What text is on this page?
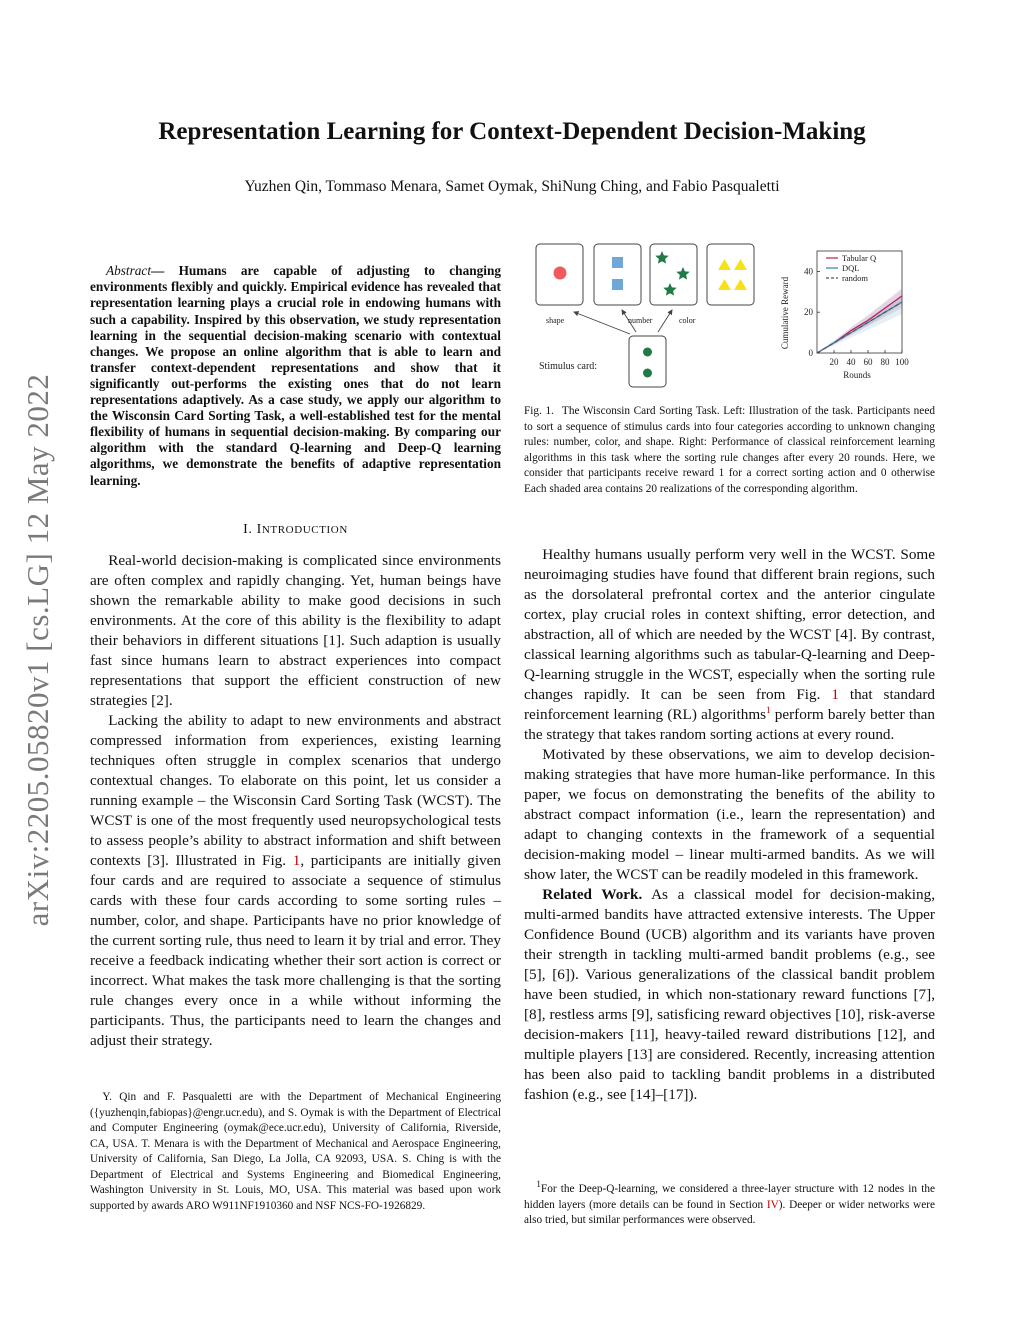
arXiv:2205.05820v1 [cs.LG] 12 May 2022
Representation Learning for Context-Dependent Decision-Making
Yuzhen Qin, Tommaso Menara, Samet Oymak, ShiNung Ching, and Fabio Pasqualetti

Abstract— Humans are capable of adjusting to changing environments flexibly and quickly. Empirical evidence has revealed that representation learning plays a crucial role in endowing humans with such a capability. Inspired by this observation, we study representation learning in the sequential decision-making scenario with contextual changes. We propose an online algorithm that is able to learn and transfer context-dependent representations and show that it significantly out-performs the existing ones that do not learn representations adaptively. As a case study, we apply our algorithm to the Wisconsin Card Sorting Task, a well-established test for the mental flexibility of humans in sequential decision-making. By comparing our algorithm with the standard Q-learning and Deep-Q learning algorithms, we demonstrate the benefits of adaptive representation learning.

I. INTRODUCTION

Real-world decision-making is complicated since environments are often complex and rapidly changing. Yet, human beings have shown the remarkable ability to make good decisions in such environments. At the core of this ability is the flexibility to adapt their behaviors in different situations [1]. Such adaption is usually fast since humans learn to abstract experiences into compact representations that support the efficient construction of new strategies [2].

Lacking the ability to adapt to new environments and abstract compressed information from experiences, existing learning techniques often struggle in complex scenarios that undergo contextual changes. To elaborate on this point, let us consider a running example – the Wisconsin Card Sorting Task (WCST). The WCST is one of the most frequently used neuropsychological tests to assess people’s ability to abstract information and shift between contexts [3]. Illustrated in Fig. 1, participants are initially given four cards and are required to associate a sequence of stimulus cards with these four cards according to some sorting rules – number, color, and shape. Participants have no prior knowledge of the current sorting rule, thus need to learn it by trial and error. They receive a feedback indicating whether their sort action is correct or incorrect. What makes the task more challenging is that the sorting rule changes every once in a while without informing the participants. Thus, the participants need to learn the changes and adjust their strategy.

Y. Qin and F. Pasqualetti are with the Department of Mechanical Engineering ({yuzhenqin,fabiopas}@engr.ucr.edu), and S. Oymak is with the Department of Electrical and Computer Engineering (oymak@ece.ucr.edu), University of California, Riverside, CA, USA. T. Menara is with the Department of Mechanical and Aerospace Engineering, University of California, San Diego, La Jolla, CA 92093, USA. S. Ching is with the Department of Electrical and Systems Engineering and Biomedical Engineering, Washington University in St. Louis, MO, USA. This material was based upon work supported by awards ARO W911NF1910360 and NSF NCS-FO-1926829.

shape	number	color
Stimulus card:
Cumulative Reward
Rounds
20 40 60 80 100
0
20
40
Tabular Q
DQL
random

Fig. 1. The Wisconsin Card Sorting Task. Left: Illustration of the task. Participants need to sort a sequence of stimulus cards into four categories according to unknown changing rules: number, color, and shape. Right: Performance of classical reinforcement learning algorithms in this task where the sorting rule changes after every 20 rounds. Here, we consider that participants receive reward 1 for a correct sorting action and 0 otherwise Each shaded area contains 20 realizations of the corresponding algorithm.

Healthy humans usually perform very well in the WCST. Some neuroimaging studies have found that different brain regions, such as the dorsolateral prefrontal cortex and the anterior cingulate cortex, play crucial roles in context shifting, error detection, and abstraction, all of which are needed by the WCST [4]. By contrast, classical learning algorithms such as tabular-Q-learning and Deep-Q-learning struggle in the WCST, especially when the sorting rule changes rapidly. It can be seen from Fig. 1 that standard reinforcement learning (RL) algorithms$^1$ perform barely better than the strategy that takes random sorting actions at every round.

Motivated by these observations, we aim to develop decision-making strategies that have more human-like performance. In this paper, we focus on demonstrating the benefits of the ability to abstract compact information (i.e., learn the representation) and adapt to changing contexts in the framework of a sequential decision-making model – linear multi-armed bandits. As we will show later, the WCST can be readily modeled in this framework.

Related Work. As a classical model for decision-making, multi-armed bandits have attracted extensive interests. The Upper Confidence Bound (UCB) algorithm and its variants have proven their strength in tackling multi-armed bandit problems (e.g., see [5], [6]). Various generalizations of the classical bandit problem have been studied, in which non-stationary reward functions [7], [8], restless arms [9], satisficing reward objectives [10], risk-averse decision-makers [11], heavy-tailed reward distributions [12], and multiple players [13] are considered. Recently, increasing attention has been also paid to tackling bandit problems in a distributed fashion (e.g., see [14]–[17]).

$^1$For the Deep-Q-learning, we considered a three-layer structure with 12 nodes in the hidden layers (more details can be found in Section IV). Deeper or wider networks were also tried, but similar performances were observed.
